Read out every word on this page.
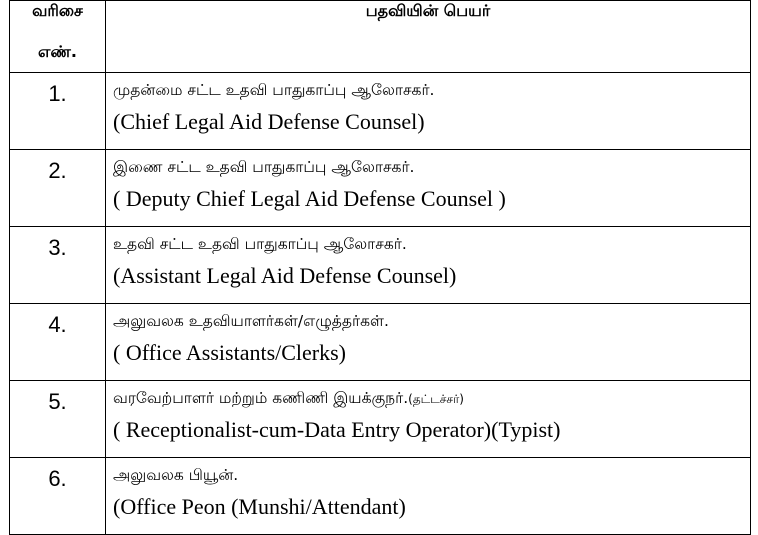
வரிசை
எண்.	பதவியின் பெயர்
1.	முதன்மை சட்ட உதவி பாதுகாப்பு ஆலோசகர்.
(Chief Legal Aid Defense Counsel)

2.	இணை சட்ட உதவி பாதுகாப்பு ஆலோசகர்.
( Deputy Chief Legal Aid Defense Counsel )

3.	உதவி சட்ட உதவி பாதுகாப்பு ஆலோசகர்.
(Assistant Legal Aid Defense Counsel)

4.	அலுவலக உதவியாளர்கள்/எழுத்தர்கள்.
( Office Assistants/Clerks)

5.	வரவேற்பாளர் மற்றும் கணிணி இயக்குநர்.(தட்டச்சர்)
( Receptionalist-cum-Data Entry Operator)(Typist)

6.	அலுவலக பியூன்.
(Office Peon (Munshi/Attendant)
